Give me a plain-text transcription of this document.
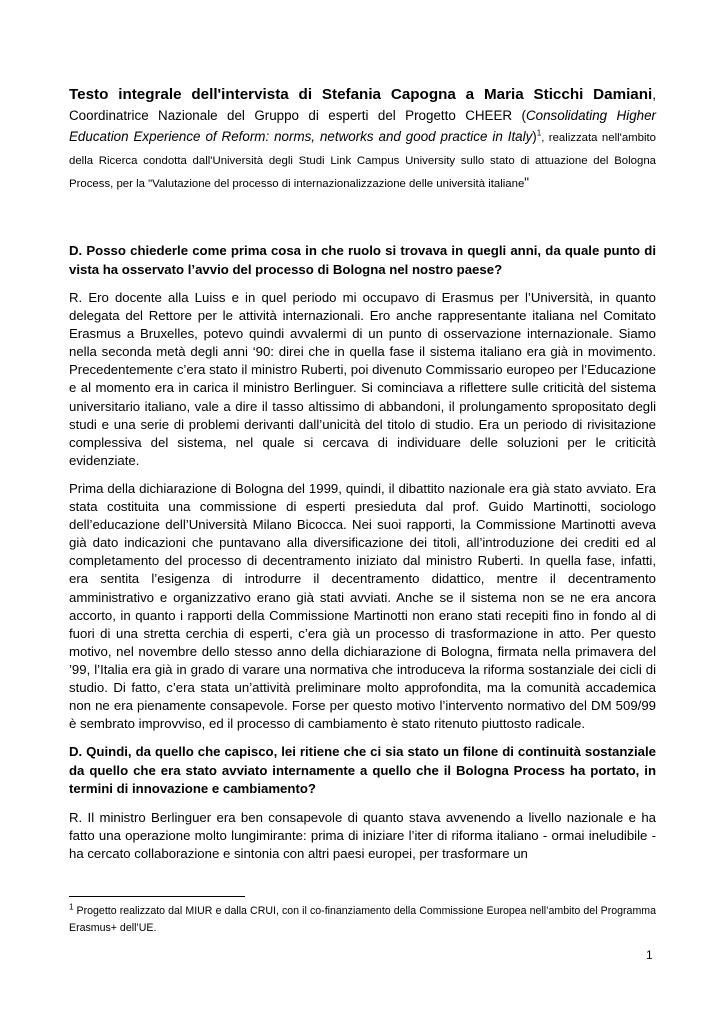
Testo integrale dell'intervista di Stefania Capogna a Maria Sticchi Damiani, Coordinatrice Nazionale del Gruppo di esperti del Progetto CHEER (Consolidating Higher Education Experience of Reform: norms, networks and good practice in Italy)$^1$, realizzata nell'ambito della Ricerca condotta dall'Università degli Studi Link Campus University sullo stato di attuazione del Bologna Process, per la "Valutazione del processo di internazionalizzazione delle università italiane"

D. Posso chiederle come prima cosa in che ruolo si trovava in quegli anni, da quale punto di vista ha osservato l’avvio del processo di Bologna nel nostro paese?

R. Ero docente alla Luiss e in quel periodo mi occupavo di Erasmus per l’Università, in quanto delegata del Rettore per le attività internazionali. Ero anche rappresentante italiana nel Comitato Erasmus a Bruxelles, potevo quindi avvalermi di un punto di osservazione internazionale. Siamo nella seconda metà degli anni ‘90: direi che in quella fase il sistema italiano era già in movimento. Precedentemente c’era stato il ministro Ruberti, poi divenuto Commissario europeo per l’Educazione e al momento era in carica il ministro Berlinguer. Si cominciava a riflettere sulle criticità del sistema universitario italiano, vale a dire il tasso altissimo di abbandoni, il prolungamento spropositato degli studi e una serie di problemi derivanti dall’unicità del titolo di studio. Era un periodo di rivisitazione complessiva del sistema, nel quale si cercava di individuare delle soluzioni per le criticità evidenziate.

Prima della dichiarazione di Bologna del 1999, quindi, il dibattito nazionale era già stato avviato. Era stata costituita una commissione di esperti presieduta dal prof. Guido Martinotti, sociologo dell’educazione dell’Università Milano Bicocca. Nei suoi rapporti, la Commissione Martinotti aveva già dato indicazioni che puntavano alla diversificazione dei titoli, all’introduzione dei crediti ed al completamento del processo di decentramento iniziato dal ministro Ruberti. In quella fase, infatti, era sentita l’esigenza di introdurre il decentramento didattico, mentre il decentramento amministrativo e organizzativo erano già stati avviati. Anche se il sistema non se ne era ancora accorto, in quanto i rapporti della Commissione Martinotti non erano stati recepiti fino in fondo al di fuori di una stretta cerchia di esperti, c’era già un processo di trasformazione in atto. Per questo motivo, nel novembre dello stesso anno della dichiarazione di Bologna, firmata nella primavera del ’99, l’Italia era già in grado di varare una normativa che introduceva la riforma sostanziale dei cicli di studio. Di fatto, c’era stata un’attività preliminare molto approfondita, ma la comunità accademica non ne era pienamente consapevole. Forse per questo motivo l’intervento normativo del DM 509/99 è sembrato improvviso, ed il processo di cambiamento è stato ritenuto piuttosto radicale.

D. Quindi, da quello che capisco, lei ritiene che ci sia stato un filone di continuità sostanziale da quello che era stato avviato internamente a quello che il Bologna Process ha portato, in termini di innovazione e cambiamento?

R. Il ministro Berlinguer era ben consapevole di quanto stava avvenendo a livello nazionale e ha fatto una operazione molto lungimirante: prima di iniziare l’iter di riforma italiano - ormai ineludibile - ha cercato collaborazione e sintonia con altri paesi europei, per trasformare un

$^1$ Progetto realizzato dal MIUR e dalla CRUI, con il co-finanziamento della Commissione Europea nell’ambito del Programma Erasmus+ dell’UE.
1
